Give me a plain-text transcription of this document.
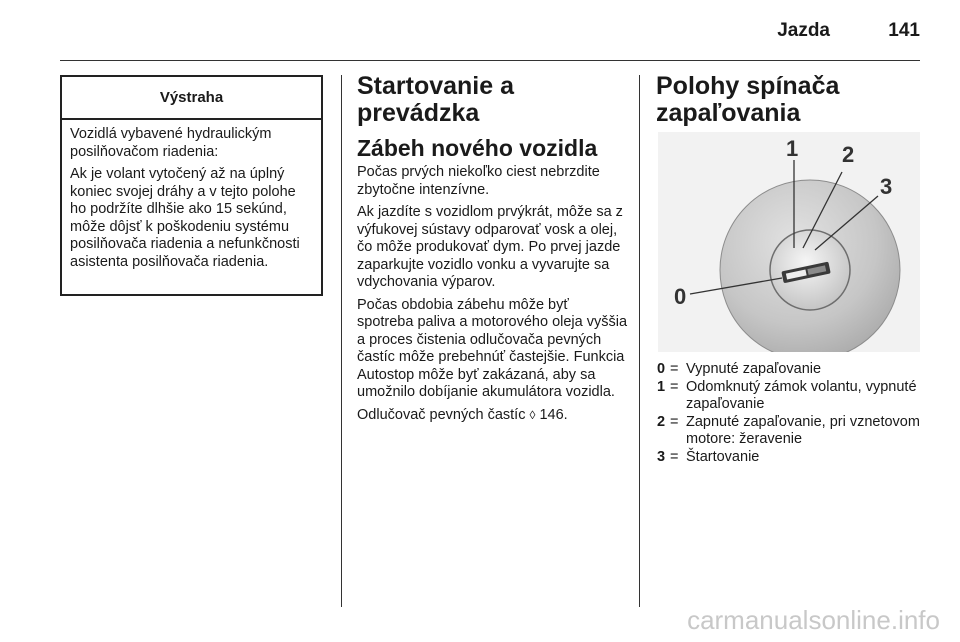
Jazda	141
Výstraha

Vozidlá vybavené hydraulickým posilňovačom riadenia:

Ak je volant vytočený až na úplný koniec svojej dráhy a v tejto polohe ho podržíte dlhšie ako 15 sekúnd, môže dôjsť k poškodeniu systému posilňovača riadenia a nefunkčnosti asistenta posilňovača riadenia.

Startovanie a prevádzka
Zábeh nového vozidla

Počas prvých niekoľko ciest nebrzdite zbytočne intenzívne.

Ak jazdíte s vozidlom prvýkrát, môže sa z výfukovej sústavy odparovať vosk a olej, čo môže produkovať dym. Po prvej jazde zaparkujte vozidlo vonku a vyvarujte sa vdychovania výparov.

Počas obdobia zábehu môže byť spotreba paliva a motorového oleja vyššia a proces čistenia odlučovača pevných častíc môže prebehnúť častejšie. Funkcia Autostop môže byť zakázaná, aby sa umožnilo dobíjanie akumulátora vozidla.

Odlučovač pevných častíc ◊ 146.

Polohy spínača zapaľovania
0
1 2
3
0 = Vypnuté zapaľovanie
1 = Odomknutý zámok volantu, vypnuté zapaľovanie
2 = Zapnuté zapaľovanie, pri vznetovom motore: žeravenie
3 = Štartovanie
carmanualsonline.info
